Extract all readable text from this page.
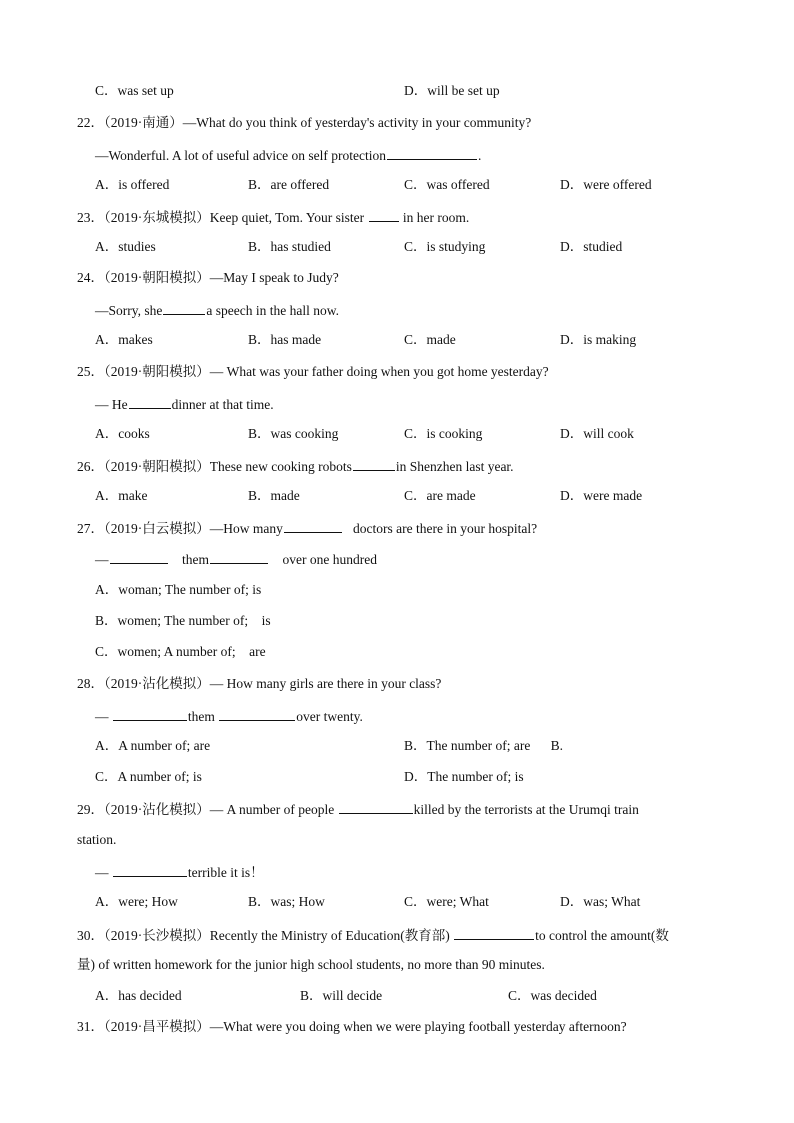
C．was set up	D．will be set up
22．（2019·南通）—What do you think of yesterday's activity in your community?
—Wonderful. A lot of useful advice on self protection	.
A．is offered	B．are offered	C．was offered	D．were offered
23．（2019·东城模拟）Keep quiet, Tom. Your sister	in her room.
A．studies	B．has studied	C．is studying	D．studied
24．（2019·朝阳模拟）—May I speak to Judy?
—Sorry, she	a speech in the hall now.
A．makes	B．has made	C．made	D．is making
25．（2019·朝阳模拟）— What was your father doing when you got home yesterday?
— He	dinner at that time.
A．cooks	B．was cooking	C．is cooking	D．will cook
26．（2019·朝阳模拟）These new cooking robots	in Shenzhen last year.
A．make	B．made	C．are made	D．were made
27．（2019·白云模拟）—How many	doctors are there in your hospital?
—	them	over one hundred
A．woman; The number of; is
B．women; The number of;    is
C．women; A number of;    are
28．（2019·沾化模拟）— How many girls are there in your class?
—	them	over twenty.
A．A number of; are	B．The number of; are      B.
C．A number of; is	D．The number of; is
29．（2019·沾化模拟）— A number of people	killed by the terrorists at the Urumqi train
station.
—	terrible it is！
A．were; How	B．was; How	C．were; What	D．was; What
30．（2019·长沙模拟）Recently the Ministry of Education(教育部)	to control the amount(数
量) of written homework for the junior high school students, no more than 90 minutes.
A．has decided	B．will decide	C．was decided
31．（2019·昌平模拟）—What were you doing when we were playing football yesterday afternoon?
